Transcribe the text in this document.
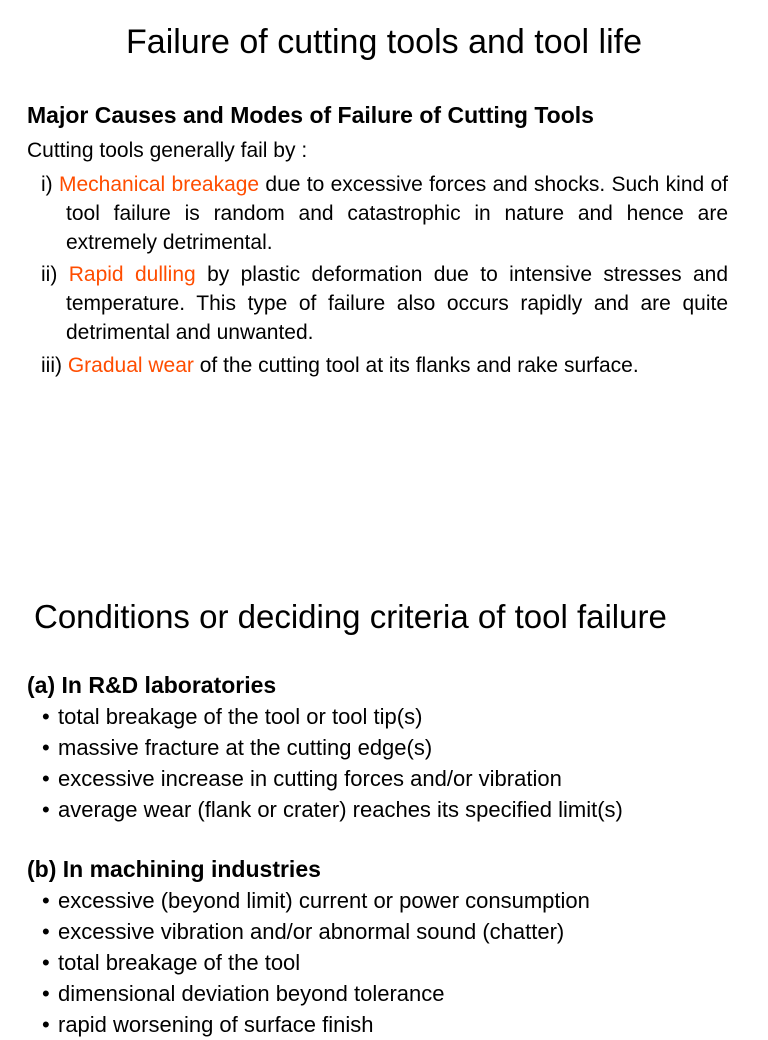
Failure of cutting tools and tool life
Major Causes and Modes of Failure of Cutting Tools

Cutting tools generally fail by :

i) Mechanical breakage due to excessive forces and shocks. Such kind of tool failure is random and catastrophic in nature and hence are extremely detrimental.

ii) Rapid dulling by plastic deformation due to intensive stresses and temperature. This type of failure also occurs rapidly and are quite detrimental and unwanted.

iii) Gradual wear of the cutting tool at its flanks and rake surface.

Conditions or deciding criteria of tool failure
(a) In R&D laboratories
• total breakage of the tool or tool tip(s)
• massive fracture at the cutting edge(s)
• excessive increase in cutting forces and/or vibration
• average wear (flank or crater) reaches its specified limit(s)
(b) In machining industries
• excessive (beyond limit) current or power consumption
• excessive vibration and/or abnormal sound (chatter)
• total breakage of the tool
• dimensional deviation beyond tolerance
• rapid worsening of surface finish
